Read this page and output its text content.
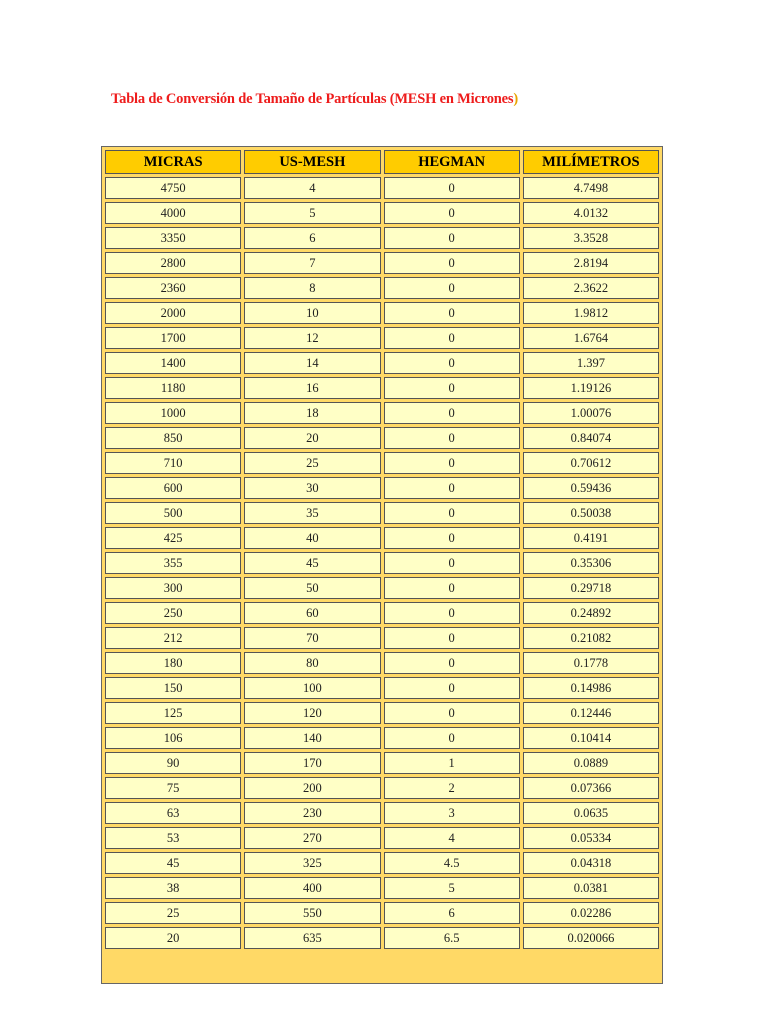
Tabla de Conversión de Tamaño de Partículas (MESH en Micrones)
MICRAS	US-MESH	HEGMAN	MILÍMETROS
4750	4	0	4.7498
4000	5	0	4.0132
3350	6	0	3.3528
2800	7	0	2.8194
2360	8	0	2.3622
2000	10	0	1.9812
1700	12	0	1.6764
1400	14	0	1.397
1180	16	0	1.19126
1000	18	0	1.00076
850	20	0	0.84074
710	25	0	0.70612
600	30	0	0.59436
500	35	0	0.50038
425	40	0	0.4191
355	45	0	0.35306
300	50	0	0.29718
250	60	0	0.24892
212	70	0	0.21082
180	80	0	0.1778
150	100	0	0.14986
125	120	0	0.12446
106	140	0	0.10414
90	170	1	0.0889
75	200	2	0.07366
63	230	3	0.0635
53	270	4	0.05334
45	325	4.5	0.04318
38	400	5	0.0381
25	550	6	0.02286
20	635	6.5	0.020066
